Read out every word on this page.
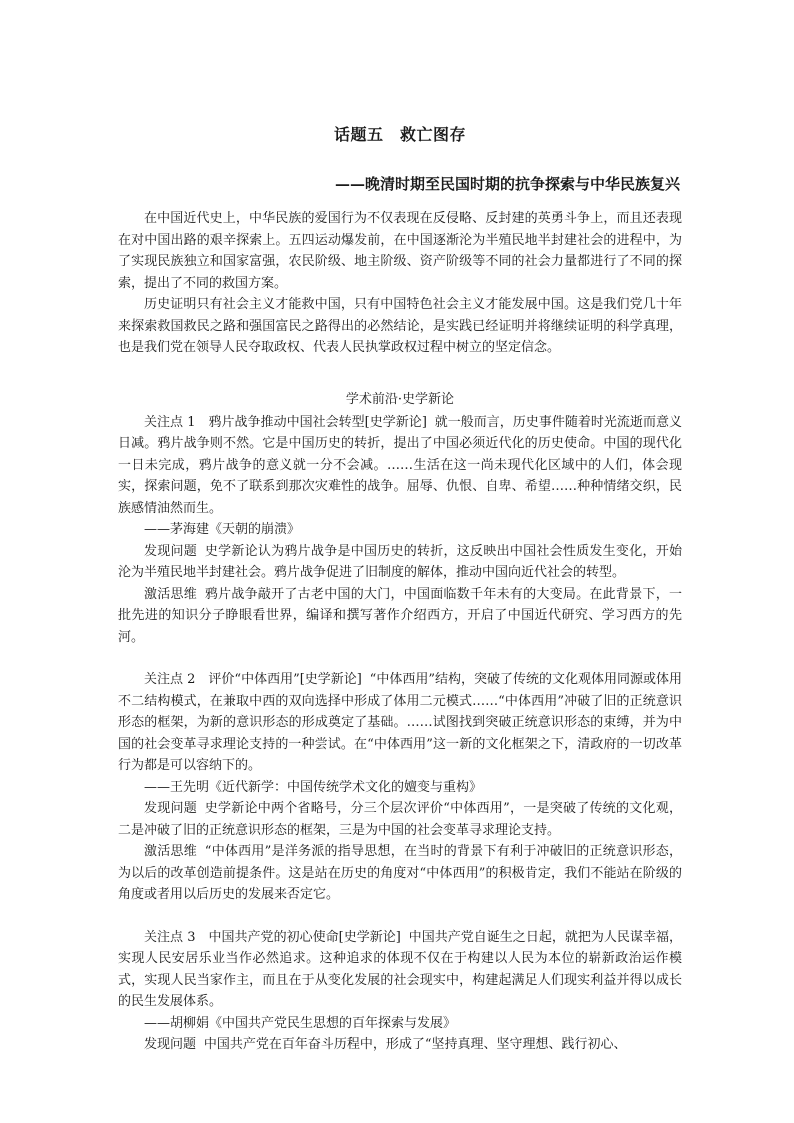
话题五　救亡图存
——晚清时期至民国时期的抗争探索与中华民族复兴

在中国近代史上，中华民族的爱国行为不仅表现在反侵略、反封建的英勇斗争上，而且还表现在对中国出路的艰辛探索上。五四运动爆发前，在中国逐渐沦为半殖民地半封建社会的进程中，为了实现民族独立和国家富强，农民阶级、地主阶级、资产阶级等不同的社会力量都进行了不同的探索，提出了不同的救国方案。

历史证明只有社会主义才能救中国，只有中国特色社会主义才能发展中国。这是我们党几十年来探索救国救民之路和强国富民之路得出的必然结论，是实践已经证明并将继续证明的科学真理，也是我们党在领导人民夺取政权、代表人民执掌政权过程中树立的坚定信念。

学术前沿·史学新论

关注点 1　鸦片战争推动中国社会转型[史学新论] 就一般而言，历史事件随着时光流逝而意义日减。鸦片战争则不然。它是中国历史的转折，提出了中国必须近代化的历史使命。中国的现代化一日未完成，鸦片战争的意义就一分不会减。……生活在这一尚未现代化区域中的人们，体会现实，探索问题，免不了联系到那次灾难性的战争。屈辱、仇恨、自卑、希望……种种情绪交织，民族感情油然而生。

——茅海建《天朝的崩溃》

发现问题 史学新论认为鸦片战争是中国历史的转折，这反映出中国社会性质发生变化，开始沦为半殖民地半封建社会。鸦片战争促进了旧制度的解体，推动中国向近代社会的转型。

激活思维 鸦片战争敲开了古老中国的大门，中国面临数千年未有的大变局。在此背景下，一批先进的知识分子睁眼看世界，编译和撰写著作介绍西方，开启了中国近代研究、学习西方的先河。

关注点 2　评价“中体西用”[史学新论] “中体西用”结构，突破了传统的文化观体用同源或体用不二结构模式，在兼取中西的双向选择中形成了体用二元模式……“中体西用”冲破了旧的正统意识形态的框架，为新的意识形态的形成奠定了基础。……试图找到突破正统意识形态的束缚，并为中国的社会变革寻求理论支持的一种尝试。在“中体西用”这一新的文化框架之下，清政府的一切改革行为都是可以容纳下的。

——王先明《近代新学：中国传统学术文化的嬗变与重构》

发现问题 史学新论中两个省略号，分三个层次评价“中体西用”，一是突破了传统的文化观，二是冲破了旧的正统意识形态的框架，三是为中国的社会变革寻求理论支持。

激活思维 “中体西用”是洋务派的指导思想，在当时的背景下有利于冲破旧的正统意识形态，为以后的改革创造前提条件。这是站在历史的角度对“中体西用”的积极肯定，我们不能站在阶级的角度或者用以后历史的发展来否定它。

关注点 3　中国共产党的初心使命[史学新论] 中国共产党自诞生之日起，就把为人民谋幸福，实现人民安居乐业当作必然追求。这种追求的体现不仅在于构建以人民为本位的崭新政治运作模式，实现人民当家作主，而且在于从变化发展的社会现实中，构建起满足人们现实利益并得以成长的民生发展体系。

——胡柳娟《中国共产党民生思想的百年探索与发展》

发现问题 中国共产党在百年奋斗历程中，形成了“坚持真理、坚守理想、践行初心、
